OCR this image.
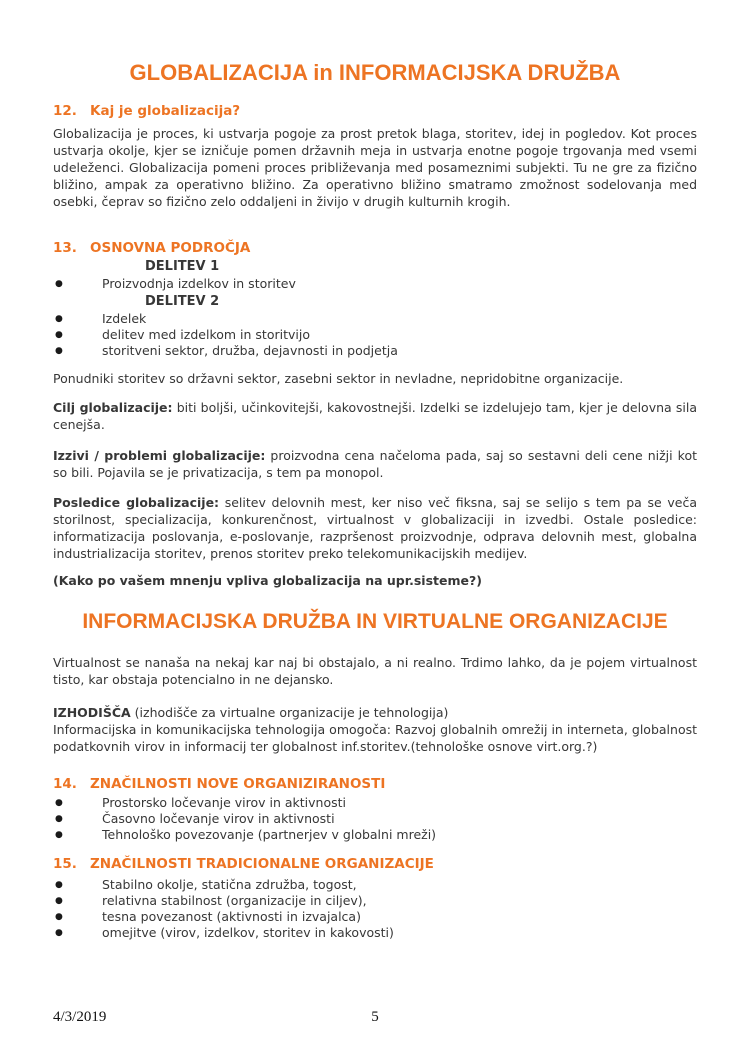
GLOBALIZACIJA in INFORMACIJSKA DRUŽBA
12. Kaj je globalizacija?

Globalizacija je proces, ki ustvarja pogoje za prost pretok blaga, storitev, idej in pogledov. Kot proces ustvarja okolje, kjer se izničuje pomen državnih meja in ustvarja enotne pogoje trgovanja med vsemi udeleženci. Globalizacija pomeni proces približevanja med posameznimi subjekti. Tu ne gre za fizično bližino, ampak za operativno bližino. Za operativno bližino smatramo zmožnost sodelovanja med osebki, čeprav so fizično zelo oddaljeni in živijo v drugih kulturnih krogih.

13. OSNOVNA PODROČJA
DELITEV 1
●	Proizvodnja izdelkov in storitev
DELITEV 2
●	Izdelek
●	delitev med izdelkom in storitvijo
●	storitveni sektor, družba, dejavnosti in podjetja

Ponudniki storitev so državni sektor, zasebni sektor in nevladne, nepridobitne organizacije.

Cilj globalizacije: biti boljši, učinkovitejši, kakovostnejši. Izdelki se izdelujejo tam, kjer je delovna sila cenejša.

Izzivi / problemi globalizacije: proizvodna cena načeloma pada, saj so sestavni deli cene nižji kot so bili. Pojavila se je privatizacija, s tem pa monopol.

Posledice globalizacije: selitev delovnih mest, ker niso več fiksna, saj se selijo s tem pa se veča storilnost, specializacija, konkurenčnost, virtualnost v globalizaciji in izvedbi. Ostale posledice: informatizacija poslovanja, e-poslovanje, razpršenost proizvodnje, odprava delovnih mest, globalna industrializacija storitev, prenos storitev preko telekomunikacijskih medijev.

(Kako po vašem mnenju vpliva globalizacija na upr.sisteme?)

INFORMACIJSKA DRUŽBA IN VIRTUALNE ORGANIZACIJE

Virtualnost se nanaša na nekaj kar naj bi obstajalo, a ni realno. Trdimo lahko, da je pojem virtualnost tisto, kar obstaja potencialno in ne dejansko.

IZHODIŠČA (izhodišče za virtualne organizacije je tehnologija)

Informacijska in komunikacijska tehnologija omogoča: Razvoj globalnih omrežij in interneta, globalnost podatkovnih virov in informacij ter globalnost inf.storitev.(tehnološke osnove virt.org.?)

14. ZNAČILNOSTI NOVE ORGANIZIRANOSTI
●	Prostorsko ločevanje virov in aktivnosti
●	Časovno ločevanje virov in aktivnosti
●	Tehnološko povezovanje (partnerjev v globalni mreži)
15. ZNAČILNOSTI TRADICIONALNE ORGANIZACIJE
●	Stabilno okolje, statična združba, togost,
●	relativna stabilnost (organizacije in ciljev),
●	tesna povezanost (aktivnosti in izvajalca)
●	omejitve (virov, izdelkov, storitev in kakovosti)
4/3/2019	5
